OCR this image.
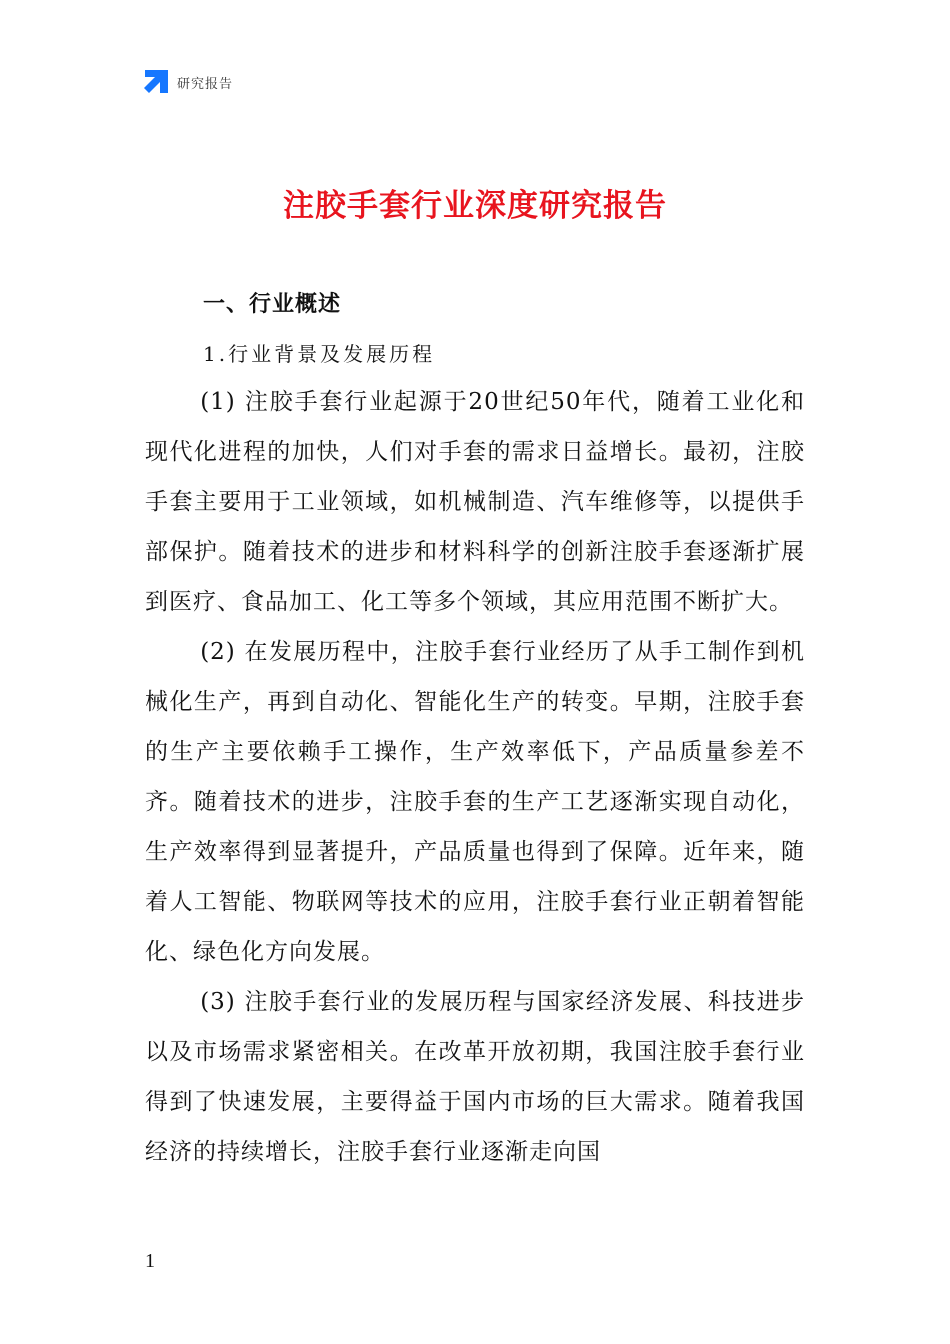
研究报告
注胶手套行业深度研究报告
一、行业概述
1.行业背景及发展历程

(1) 注胶手套行业起源于20世纪50年代，随着工业化和现代化进程的加快，人们对手套的需求日益增长。最初，注胶手套主要用于工业领域，如机械制造、汽车维修等，以提供手部保护。随着技术的进步和材料科学的创新注胶手套逐渐扩展到医疗、食品加工、化工等多个领域，其应用范围不断扩大。

(2) 在发展历程中，注胶手套行业经历了从手工制作到机械化生产，再到自动化、智能化生产的转变。早期，注胶手套的生产主要依赖手工操作，生产效率低下，产品质量参差不齐。随着技术的进步，注胶手套的生产工艺逐渐实现自动化，生产效率得到显著提升，产品质量也得到了保障。近年来，随着人工智能、物联网等技术的应用，注胶手套行业正朝着智能化、绿色化方向发展。

(3) 注胶手套行业的发展历程与国家经济发展、科技进步以及市场需求紧密相关。在改革开放初期，我国注胶手套行业得到了快速发展，主要得益于国内市场的巨大需求。随着我国经济的持续增长，注胶手套行业逐渐走向国

1
